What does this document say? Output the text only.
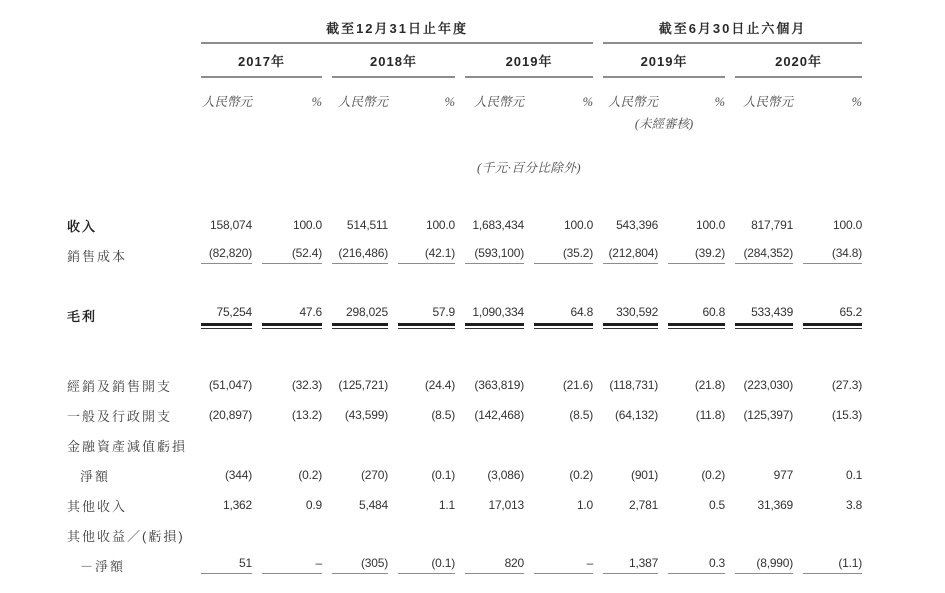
	截至12月31日止年度						截至6月30日止六個月			

	2017年		2018年		2019年		2019年		2020年	

	人民幣元	%	人民幣元	%	人民幣元	%	人民幣元	%	人民幣元	%

							(未經審核)			

					(千元·百分比除外)					

收入	158,074	100.0	514,511	100.0	1,683,434	100.0	543,396	100.0	817,791	100.0

銷售成本	(82,820)	(52.4)	(216,486)	(42.1)	(593,100)	(35.2)	(212,804)	(39.2)	(284,352)	(34.8)

毛利	75,254	47.6	298,025	57.9	1,090,334	64.8	330,592	60.8	533,439	65.2

經銷及銷售開支	(51,047)	(32.3)	(125,721)	(24.4)	(363,819)	(21.6)	(118,731)	(21.8)	(223,030)	(27.3)

一般及行政開支	(20,897)	(13.2)	(43,599)	(8.5)	(142,468)	(8.5)	(64,132)	(11.8)	(125,397)	(15.3)

金融資產減值虧損										
淨額	(344)	(0.2)	(270)	(0.1)	(3,086)	(0.2)	(901)	(0.2)	977	0.1

其他收入	1,362	0.9	5,484	1.1	17,013	1.0	2,781	0.5	31,369	3.8

其他收益／(虧損)										
－淨額	51	–	(305)	(0.1)	820	–	1,387	0.3	(8,990)	(1.1)
